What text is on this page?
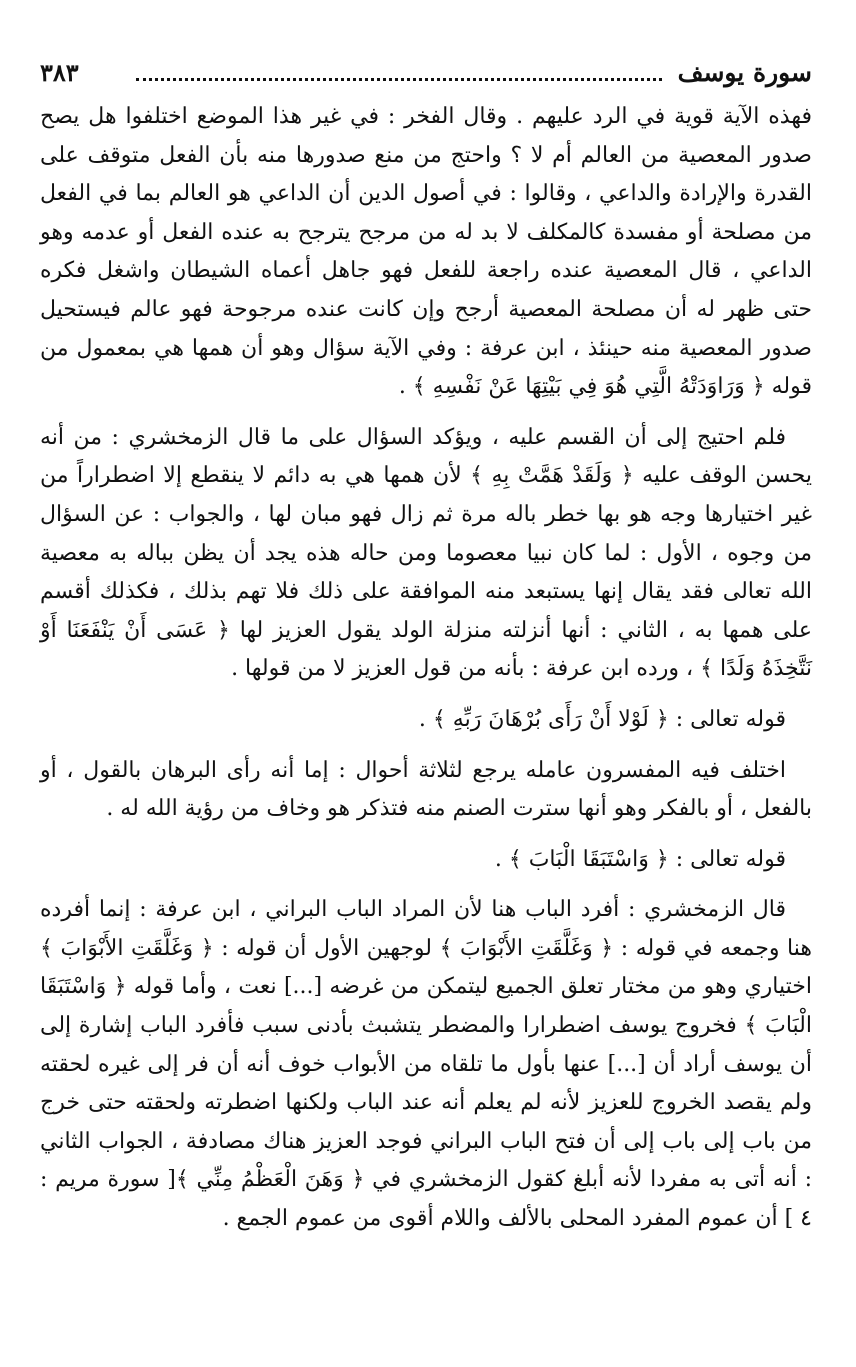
سورة يوسف
٣٨٣

فهذه الآية قوية في الرد عليهم . وقال الفخر : في غير هذا الموضع اختلفوا هل يصح صدور المعصية من العالم أم لا ؟ واحتج من منع صدورها منه بأن الفعل متوقف على القدرة والإرادة والداعي ، وقالوا : في أصول الدين أن الداعي هو العالم بما في الفعل من مصلحة أو مفسدة كالمكلف لا بد له من مرجح يترجح به عنده الفعل أو عدمه وهو الداعي ، قال المعصية عنده راجعة للفعل فهو جاهل أعماه الشيطان واشغل فكره حتى ظهر له أن مصلحة المعصية أرجح وإن كانت عنده مرجوحة فهو عالم فيستحيل صدور المعصية منه حينئذ ، ابن عرفة : وفي الآية سؤال وهو أن همها هي بمعمول من قوله ﴿ وَرَاوَدَتْهُ الَّتِي هُوَ فِي بَيْتِهَا عَنْ نَفْسِهِ ﴾ .

فلم احتيج إلى أن القسم عليه ، ويؤكد السؤال على ما قال الزمخشري : من أنه يحسن الوقف عليه ﴿ وَلَقَدْ هَمَّتْ بِهِ ﴾ لأن همها هي به دائم لا ينقطع إلا اضطراراً من غير اختيارها وجه هو بها خطر باله مرة ثم زال فهو مبان لها ، والجواب : عن السؤال من وجوه ، الأول : لما كان نبيا معصوما ومن حاله هذه يجد أن يظن بباله به معصية الله تعالى فقد يقال إنها يستبعد منه الموافقة على ذلك فلا تهم بذلك ، فكذلك أقسم على همها به ، الثاني : أنها أنزلته منزلة الولد يقول العزيز لها ﴿ عَسَى أَنْ يَنْفَعَنَا أَوْ نَتَّخِذَهُ وَلَدًا ﴾ ، ورده ابن عرفة : بأنه من قول العزيز لا من قولها .

قوله تعالى : ﴿ لَوْلا أَنْ رَأَى بُرْهَانَ رَبِّهِ ﴾ .

اختلف فيه المفسرون عامله يرجع لثلاثة أحوال : إما أنه رأى البرهان بالقول ، أو بالفعل ، أو بالفكر وهو أنها سترت الصنم منه فتذكر هو وخاف من رؤية الله له .

قوله تعالى : ﴿ وَاسْتَبَقَا الْبَابَ ﴾ .

قال الزمخشري : أفرد الباب هنا لأن المراد الباب البراني ، ابن عرفة : إنما أفرده هنا وجمعه في قوله : ﴿ وَغَلَّقَتِ الأَبْوَابَ ﴾ لوجهين الأول أن قوله : ﴿ وَغَلَّقَتِ الأَبْوَابَ ﴾ اختياري وهو من مختار تعلق الجميع ليتمكن من غرضه [...] نعت ، وأما قوله ﴿ وَاسْتَبَقَا الْبَابَ ﴾ فخروج يوسف اضطرارا والمضطر يتشبث بأدنى سبب فأفرد الباب إشارة إلى أن يوسف أراد أن [...] عنها بأول ما تلقاه من الأبواب خوف أنه أن فر إلى غيره لحقته ولم يقصد الخروج للعزيز لأنه لم يعلم أنه عند الباب ولكنها اضطرته ولحقته حتى خرج من باب إلى باب إلى أن فتح الباب البراني فوجد العزيز هناك مصادفة ، الجواب الثاني : أنه أتى به مفردا لأنه أبلغ كقول الزمخشري في ﴿ وَهَنَ الْعَظْمُ مِنِّي ﴾[ سورة مريم : ٤ ] أن عموم المفرد المحلى بالألف واللام أقوى من عموم الجمع .
